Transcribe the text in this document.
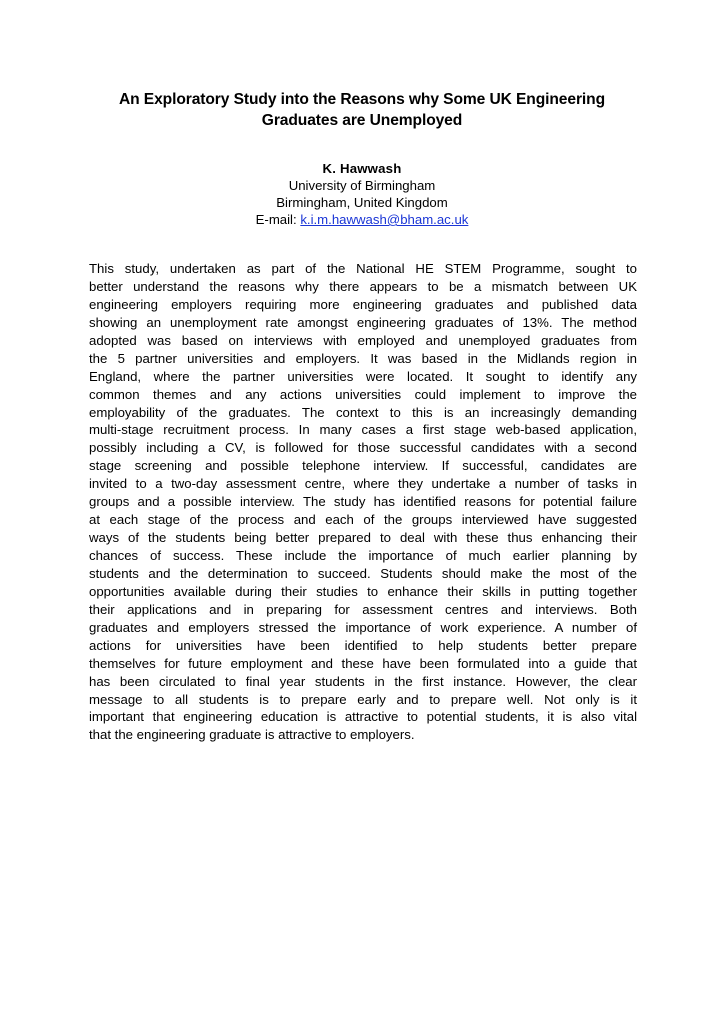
An Exploratory Study into the Reasons why Some UK Engineering
Graduates are Unemployed
K. Hawwash
University of Birmingham
Birmingham, United Kingdom
E-mail: k.i.m.hawwash@bham.ac.uk
This study, undertaken as part of the National HE STEM Programme, sought to
better understand the reasons why there appears to be a mismatch between UK
engineering employers requiring more engineering graduates and published data
showing an unemployment rate amongst engineering graduates of 13%. The method
adopted was based on interviews with employed and unemployed graduates from
the 5 partner universities and employers. It was based in the Midlands region in
England, where the partner universities were located. It sought to identify any
common themes and any actions universities could implement to improve the
employability of the graduates. The context to this is an increasingly demanding
multi-stage recruitment process. In many cases a first stage web-based application,
possibly including a CV, is followed for those successful candidates with a second
stage screening and possible telephone interview. If successful, candidates are
invited to a two-day assessment centre, where they undertake a number of tasks in
groups and a possible interview. The study has identified reasons for potential failure
at each stage of the process and each of the groups interviewed have suggested
ways of the students being better prepared to deal with these thus enhancing their
chances of success. These include the importance of much earlier planning by
students and the determination to succeed. Students should make the most of the
opportunities available during their studies to enhance their skills in putting together
their applications and in preparing for assessment centres and interviews. Both
graduates and employers stressed the importance of work experience. A number of
actions for universities have been identified to help students better prepare
themselves for future employment and these have been formulated into a guide that
has been circulated to final year students in the first instance. However, the clear
message to all students is to prepare early and to prepare well. Not only is it
important that engineering education is attractive to potential students, it is also vital
that the engineering graduate is attractive to employers.
